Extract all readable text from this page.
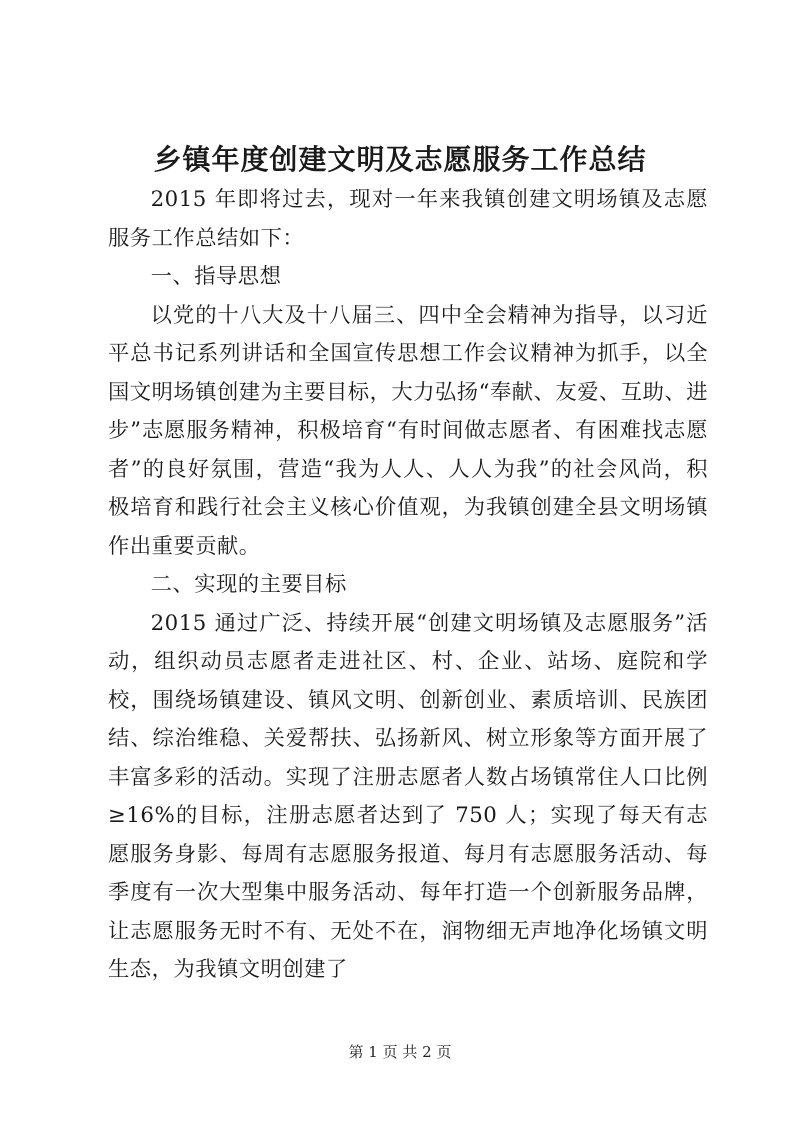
乡镇年度创建文明及志愿服务工作总结

2015 年即将过去，现对一年来我镇创建文明场镇及志愿服务工作总结如下：

一、指导思想

以党的十八大及十八届三、四中全会精神为指导，以习近平总书记系列讲话和全国宣传思想工作会议精神为抓手，以全国文明场镇创建为主要目标，大力弘扬“奉献、友爱、互助、进步”志愿服务精神，积极培育“有时间做志愿者、有困难找志愿者”的良好氛围，营造“我为人人、人人为我”的社会风尚，积极培育和践行社会主义核心价值观，为我镇创建全县文明场镇作出重要贡献。

二、实现的主要目标

2015 通过广泛、持续开展“创建文明场镇及志愿服务”活动，组织动员志愿者走进社区、村、企业、站场、庭院和学校，围绕场镇建设、镇风文明、创新创业、素质培训、民族团结、综治维稳、关爱帮扶、弘扬新风、树立形象等方面开展了丰富多彩的活动。实现了注册志愿者人数占场镇常住人口比例≥16%的目标，注册志愿者达到了 750 人；实现了每天有志愿服务身影、每周有志愿服务报道、每月有志愿服务活动、每季度有一次大型集中服务活动、每年打造一个创新服务品牌，让志愿服务无时不有、无处不在，润物细无声地净化场镇文明生态，为我镇文明创建了

第 1 页 共 2 页
